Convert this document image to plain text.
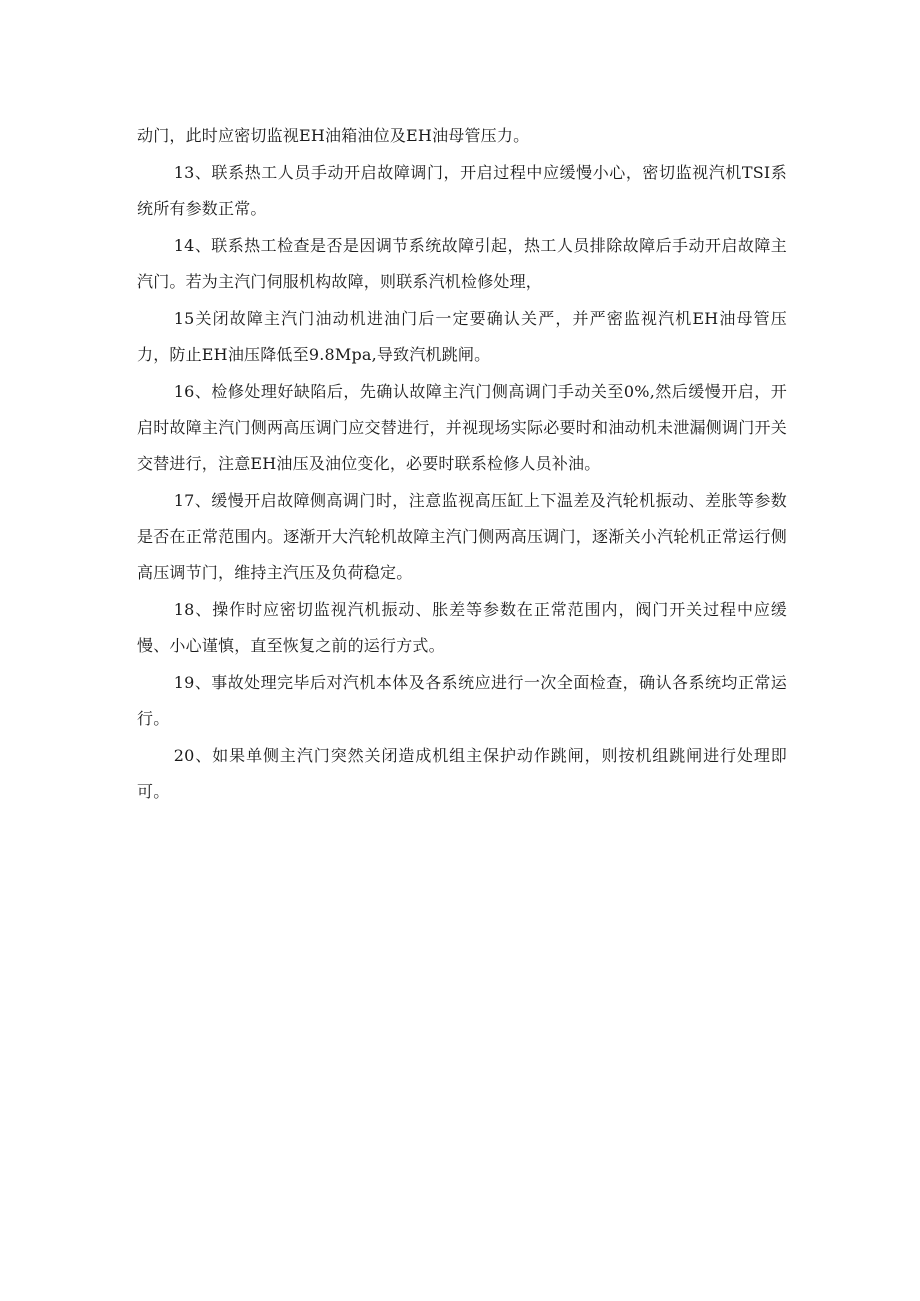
动门，此时应密切监视EH油箱油位及EH油母管压力。

13、联系热工人员手动开启故障调门，开启过程中应缓慢小心，密切监视汽机TSI系统所有参数正常。

14、联系热工检查是否是因调节系统故障引起，热工人员排除故障后手动开启故障主汽门。若为主汽门伺服机构故障，则联系汽机检修处理，

15关闭故障主汽门油动机进油门后一定要确认关严，并严密监视汽机EH油母管压力，防止EH油压降低至9.8Mpa,导致汽机跳闸。

16、检修处理好缺陷后，先确认故障主汽门侧高调门手动关至0%,然后缓慢开启，开启时故障主汽门侧两高压调门应交替进行，并视现场实际必要时和油动机未泄漏侧调门开关交替进行，注意EH油压及油位变化，必要时联系检修人员补油。

17、缓慢开启故障侧高调门时，注意监视高压缸上下温差及汽轮机振动、差胀等参数是否在正常范围内。逐渐开大汽轮机故障主汽门侧两高压调门，逐渐关小汽轮机正常运行侧高压调节门，维持主汽压及负荷稳定。

18、操作时应密切监视汽机振动、胀差等参数在正常范围内，阀门开关过程中应缓慢、小心谨慎，直至恢复之前的运行方式。

19、事故处理完毕后对汽机本体及各系统应进行一次全面检查，确认各系统均正常运行。

20、如果单侧主汽门突然关闭造成机组主保护动作跳闸，则按机组跳闸进行处理即可。
